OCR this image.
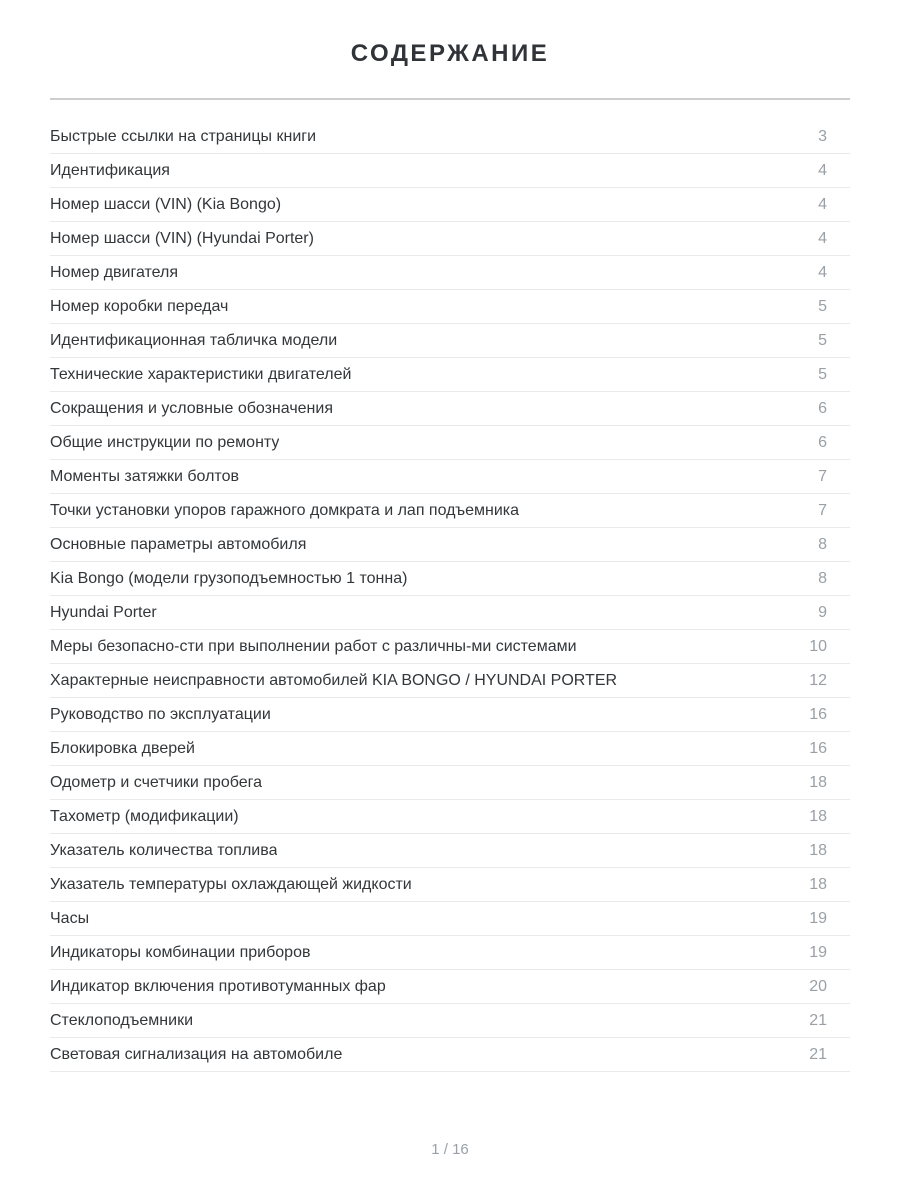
СОДЕРЖАНИЕ
Быстрые ссылки на страницы книги	3
Идентификация	4
Номер шасси (VIN) (Kia Bongo)	4
Номер шасси (VIN) (Hyundai Porter)	4
Номер двигателя	4
Номер коробки передач	5
Идентификационная табличка модели	5
Технические характеристики двигателей	5
Сокращения и условные обозначения	6
Общие инструкции по ремонту	6
Моменты затяжки болтов	7
Точки установки упоров гаражного домкрата и лап подъемника	7
Основные параметры автомобиля	8
Kia Bongo (модели грузоподъемностью 1 тонна)	8
Hyundai Porter	9
Меры безопасно-сти при выполнении работ с различны-ми системами	10
Характерные неисправности автомобилей KIA BONGO / HYUNDAI PORTER	12
Руководство по эксплуатации	16
Блокировка дверей	16
Одометр и счетчики пробега	18
Тахометр (модификации)	18
Указатель количества топлива	18
Указатель температуры охлаждающей жидкости	18
Часы	19
Индикаторы комбинации приборов	19
Индикатор включения противотуманных фар	20
Стеклоподъемники	21
Световая сигнализация на автомобиле	21
1 / 16
